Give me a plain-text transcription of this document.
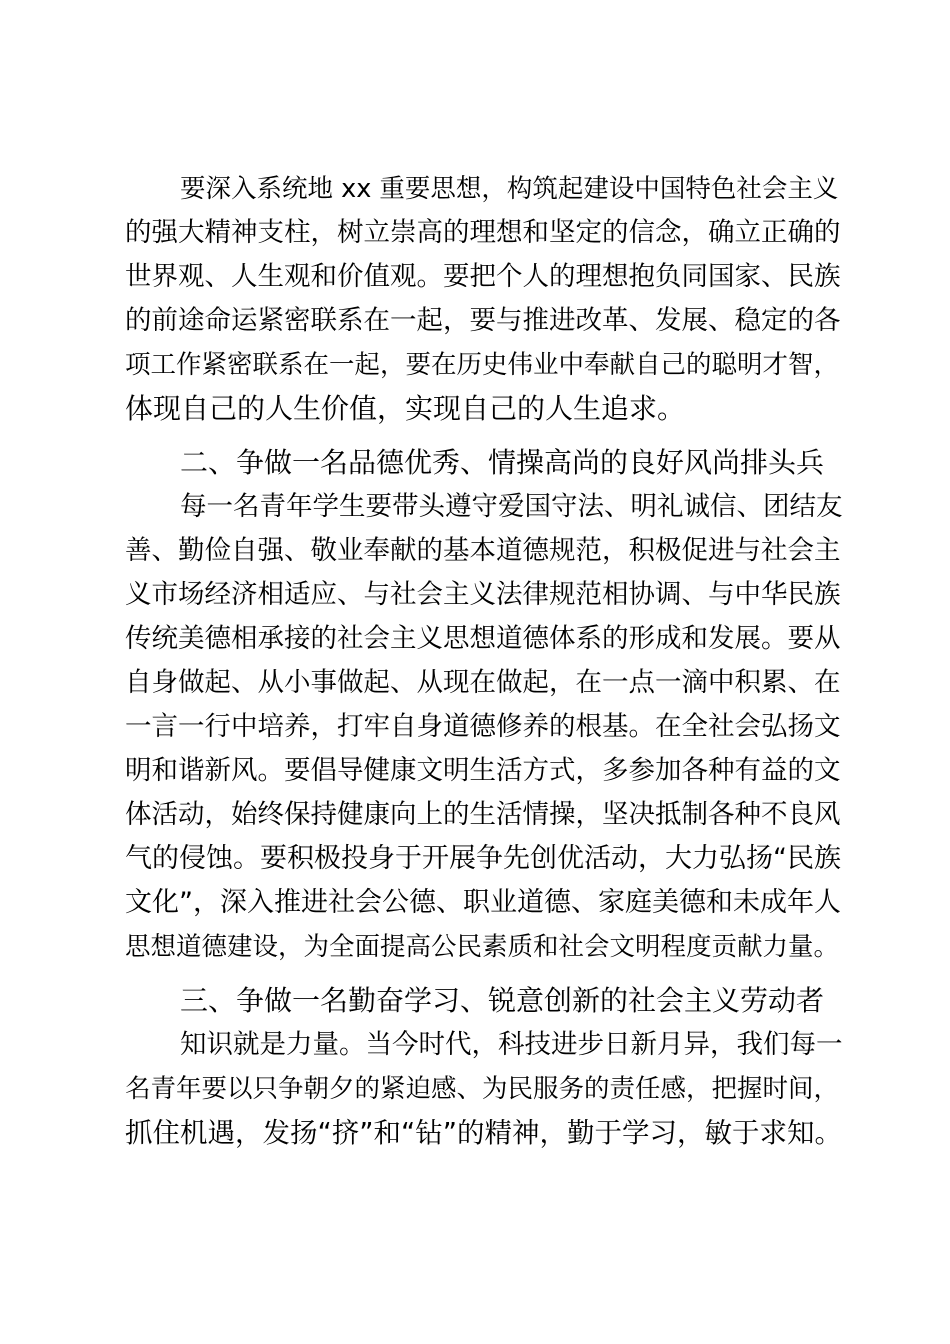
要深入系统地 xx 重要思想，构筑起建设中国特色社会主义
的强大精神支柱，树立崇高的理想和坚定的信念，确立正确的
世界观、人生观和价值观。要把个人的理想抱负同国家、民族
的前途命运紧密联系在一起，要与推进改革、发展、稳定的各
项工作紧密联系在一起，要在历史伟业中奉献自己的聪明才智，
体现自己的人生价值，实现自己的人生追求。
二、争做一名品德优秀、情操高尚的良好风尚排头兵
每一名青年学生要带头遵守爱国守法、明礼诚信、团结友
善、勤俭自强、敬业奉献的基本道德规范，积极促进与社会主
义市场经济相适应、与社会主义法律规范相协调、与中华民族
传统美德相承接的社会主义思想道德体系的形成和发展。要从
自身做起、从小事做起、从现在做起，在一点一滴中积累、在
一言一行中培养，打牢自身道德修养的根基。在全社会弘扬文
明和谐新风。要倡导健康文明生活方式，多参加各种有益的文
体活动，始终保持健康向上的生活情操，坚决抵制各种不良风
气的侵蚀。要积极投身于开展争先创优活动，大力弘扬“民族
文化”，深入推进社会公德、职业道德、家庭美德和未成年人
思想道德建设，为全面提高公民素质和社会文明程度贡献力量。
三、争做一名勤奋学习、锐意创新的社会主义劳动者
知识就是力量。当今时代，科技进步日新月异，我们每一
名青年要以只争朝夕的紧迫感、为民服务的责任感，把握时间，
抓住机遇，发扬“挤”和“钻”的精神，勤于学习，敏于求知。
